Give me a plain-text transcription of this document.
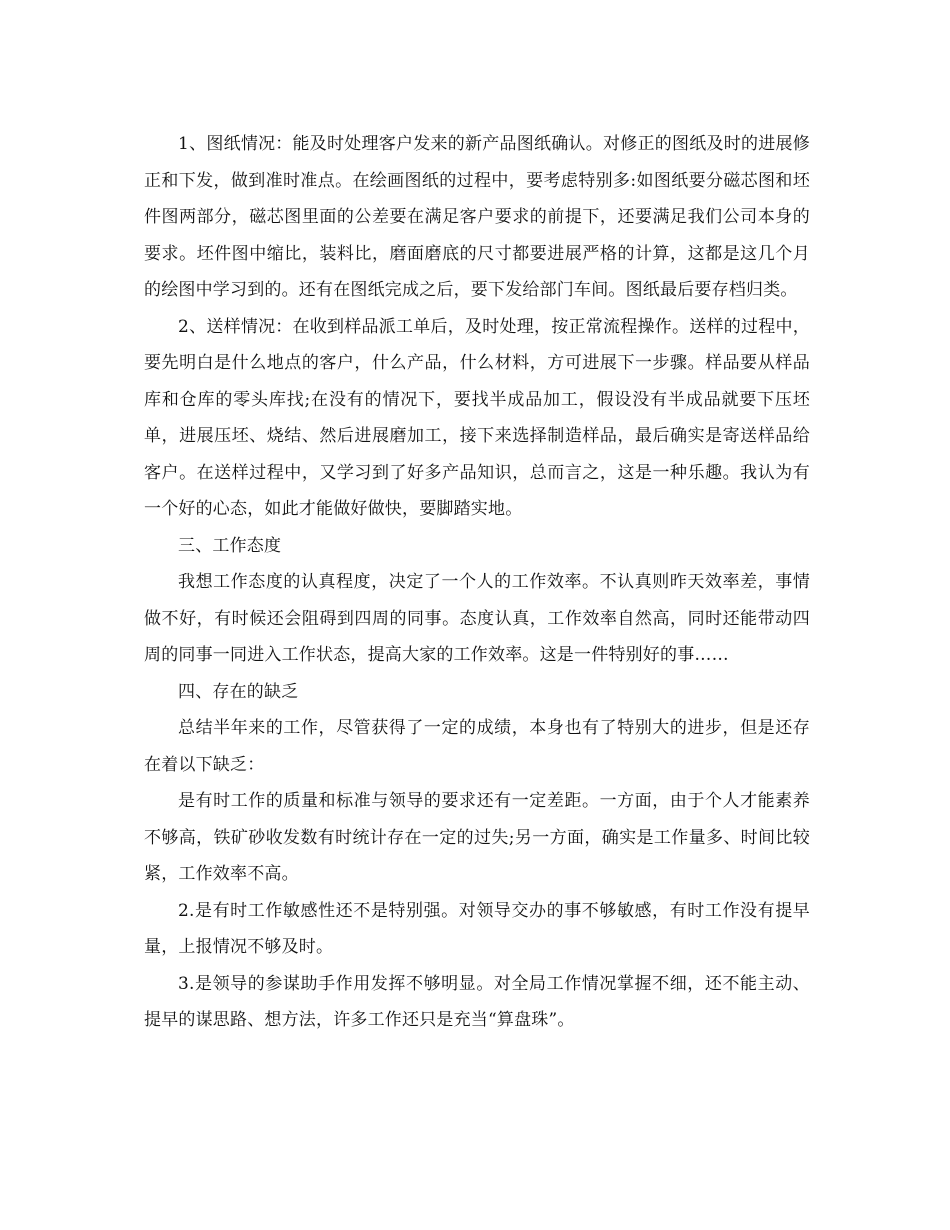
1、图纸情况：能及时处理客户发来的新产品图纸确认。对修正的图纸及时的进展修正和下发，做到准时准点。在绘画图纸的过程中，要考虑特别多:如图纸要分磁芯图和坯件图两部分，磁芯图里面的公差要在满足客户要求的前提下，还要满足我们公司本身的要求。坯件图中缩比，装料比，磨面磨底的尺寸都要进展严格的计算，这都是这几个月的绘图中学习到的。还有在图纸完成之后，要下发给部门车间。图纸最后要存档归类。

2、送样情况：在收到样品派工单后，及时处理，按正常流程操作。送样的过程中，要先明白是什么地点的客户，什么产品，什么材料，方可进展下一步骤。样品要从样品库和仓库的零头库找;在没有的情况下，要找半成品加工，假设没有半成品就要下压坯单，进展压坯、烧结、然后进展磨加工，接下来选择制造样品，最后确实是寄送样品给客户。在送样过程中，又学习到了好多产品知识，总而言之，这是一种乐趣。我认为有一个好的心态，如此才能做好做快，要脚踏实地。

三、工作态度

我想工作态度的认真程度，决定了一个人的工作效率。不认真则昨天效率差，事情做不好，有时候还会阻碍到四周的同事。态度认真，工作效率自然高，同时还能带动四周的同事一同进入工作状态，提高大家的工作效率。这是一件特别好的事……

四、存在的缺乏

总结半年来的工作，尽管获得了一定的成绩，本身也有了特别大的进步，但是还存在着以下缺乏：

是有时工作的质量和标准与领导的要求还有一定差距。一方面，由于个人才能素养不够高，铁矿砂收发数有时统计存在一定的过失;另一方面，确实是工作量多、时间比较紧，工作效率不高。

2.是有时工作敏感性还不是特别强。对领导交办的事不够敏感，有时工作没有提早量，上报情况不够及时。

3.是领导的参谋助手作用发挥不够明显。对全局工作情况掌握不细，还不能主动、提早的谋思路、想方法，许多工作还只是充当“算盘珠”。
